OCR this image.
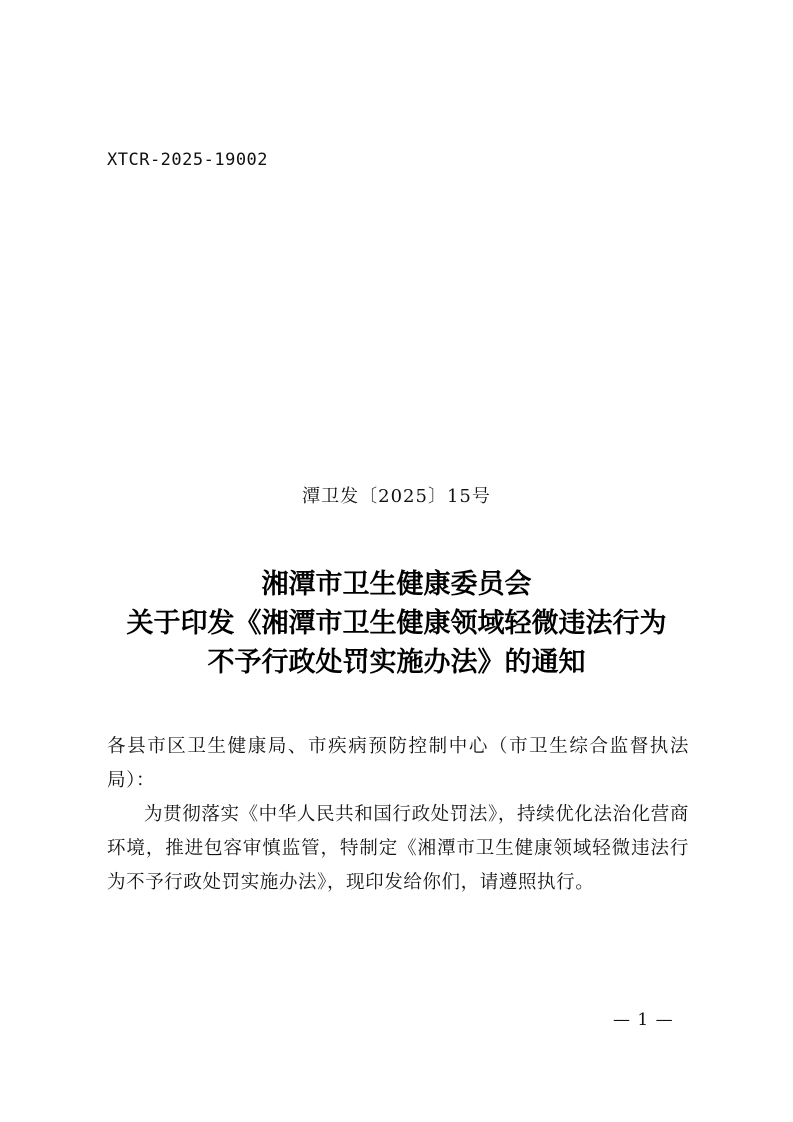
XTCR-2025-19002
潭卫发〔2025〕15号
湘潭市卫生健康委员会
关于印发《湘潭市卫生健康领域轻微违法行为
不予行政处罚实施办法》的通知

各县市区卫生健康局、市疾病预防控制中心（市卫生综合监督执法局）：

为贯彻落实《中华人民共和国行政处罚法》，持续优化法治化营商环境，推进包容审慎监管，特制定《湘潭市卫生健康领域轻微违法行为不予行政处罚实施办法》，现印发给你们，请遵照执行。

— 1 —
